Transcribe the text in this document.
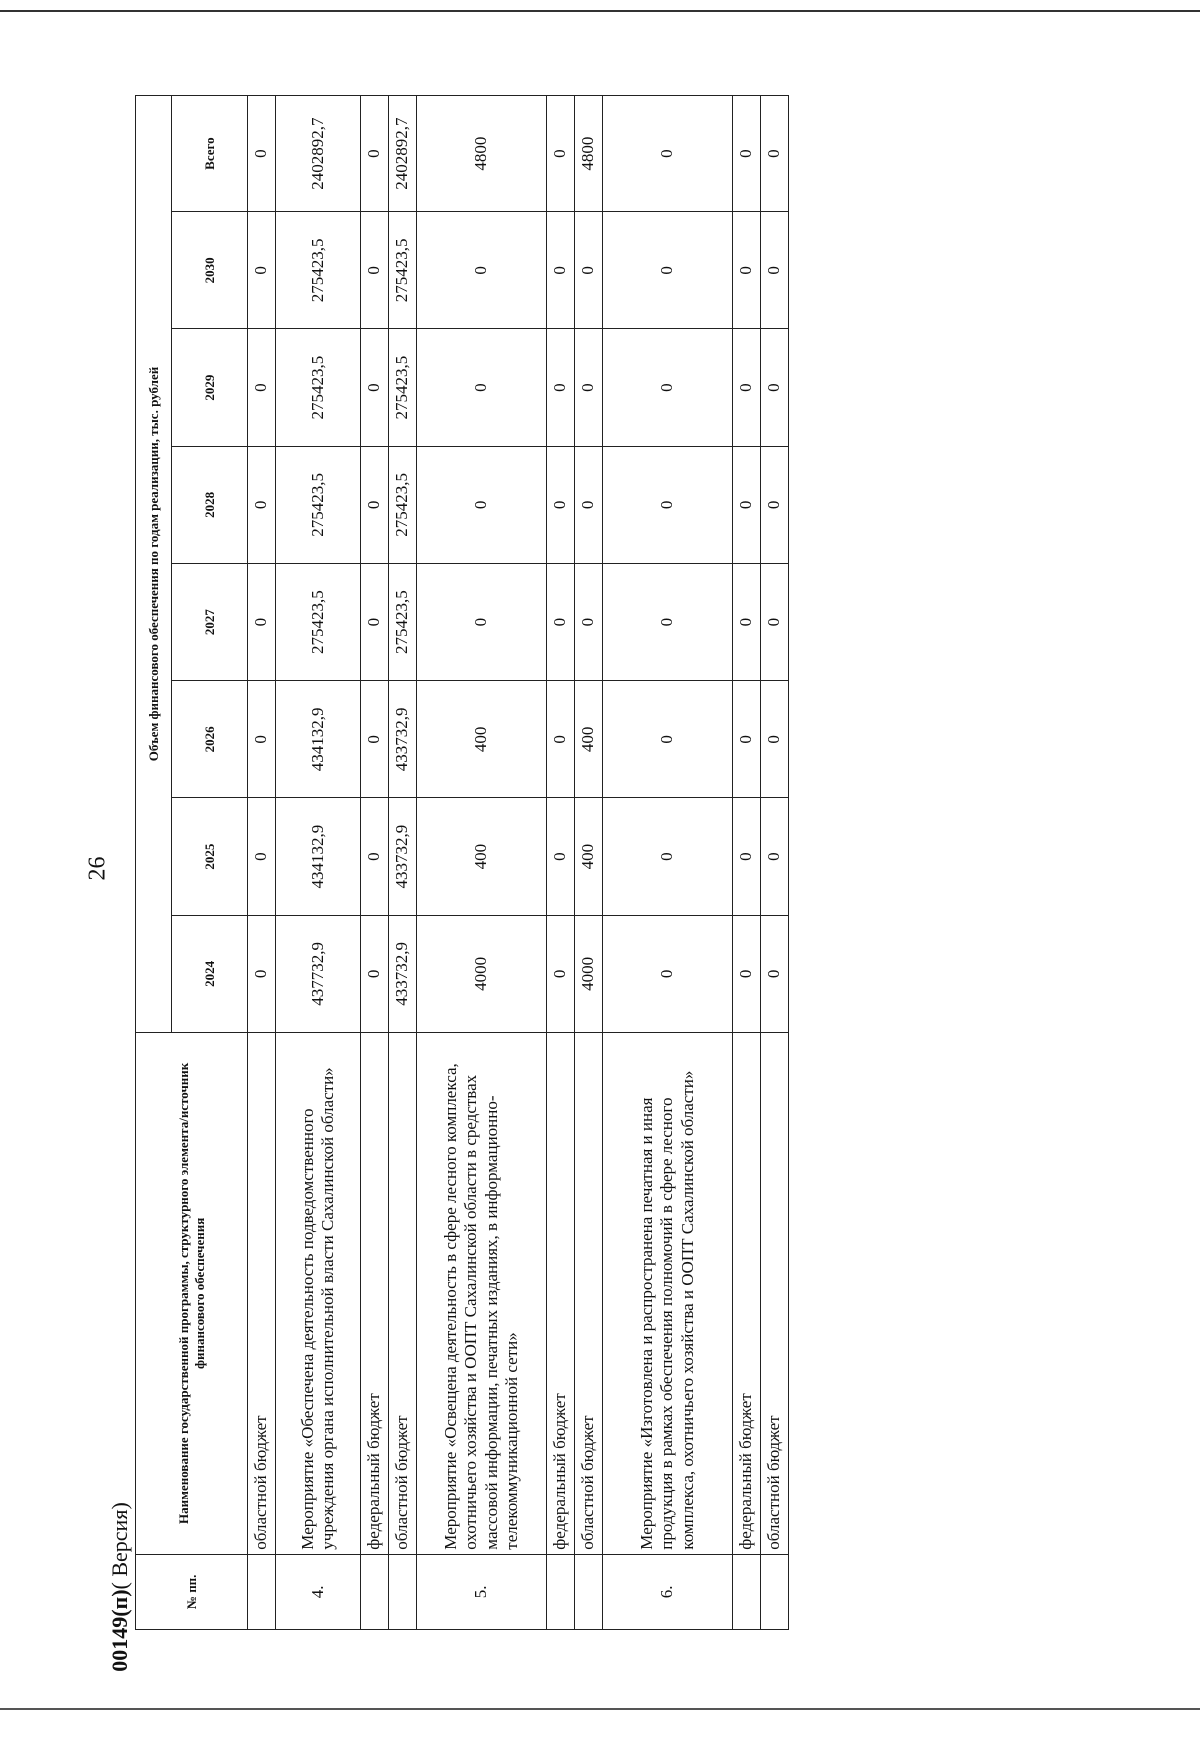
26
№ пп.	Наименование государственной программы, структурного элемента/источник финансового обеспечения	Объем финансового обеспечения по годам реализации, тыс. рублей							
		2024	2025	2026	2027	2028	2029	2030	Всего
	областной бюджет	0	0	0	0	0	0	0	0
4.	Мероприятие «Обеспечена деятельность подведомственного учреждения органа исполнительной власти Сахалинской области»	437732,9	434132,9	434132,9	275423,5	275423,5	275423,5	275423,5	2402892,7
	федеральный бюджет	0	0	0	0	0	0	0	0
	областной бюджет	433732,9	433732,9	433732,9	275423,5	275423,5	275423,5	275423,5	2402892,7
5.	Мероприятие «Освещена деятельность в сфере лесного комплекса, охотничьего хозяйства и ООПТ Сахалинской области в средствах массовой информации, печатных изданиях, в информационно-телекоммуникационной сети»	4000	400	400	0	0	0	0	4800
	федеральный бюджет	0	0	0	0	0	0	0	0
	областной бюджет	4000	400	400	0	0	0	0	4800
6.	Мероприятие «Изготовлена и распространена печатная и иная продукция в рамках обеспечения полномочий в сфере лесного комплекса, охотничьего хозяйства и ООПТ Сахалинской области»	0	0	0	0	0	0	0	0
	федеральный бюджет	0	0	0	0	0	0	0	0
	областной бюджет	0	0	0	0	0	0	0	0
00149(п)( Версия)
